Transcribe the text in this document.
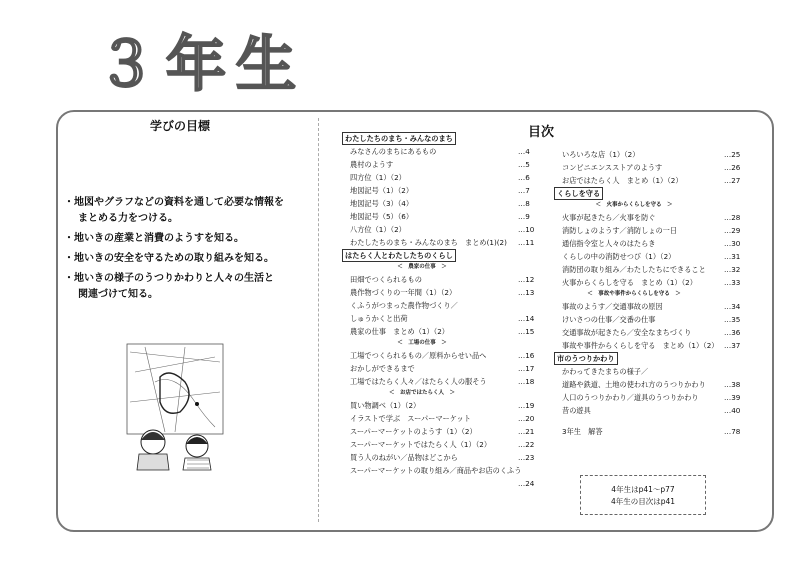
３年生
学びの目標
・地図やグラフなどの資料を通して必要な情報を
まとめる力をつける。
・地いきの産業と消費のようすを知る。
・地いきの安全を守るための取り組みを知る。
・地いきの様子のうつりかわりと人々の生活と
関連づけて知る。
目次
わたしたちのまち・みんなのまち
みなさんのまちにあるもの	…4
農村のようす	…5
四方位（1）（2）	…6
地図記号（1）（2）	…7
地図記号（3）（4）	…8
地図記号（5）（6）	…9
八方位（1）（2）	…10
わたしたちのまち・みんなのまち　まとめ(1)(2) …11
はたらく人とわたしたちのくらし
＜　農家の仕事　＞
田畑でつくられるもの	…12
農作物づくりの一年間（1）（2）	…13
くふうがつまった農作物づくり／
しゅうかくと出荷	…14
農家の仕事　まとめ（1）（2）	…15
＜　工場の仕事　＞
工場でつくられるもの／原料からせい品へ	…16
おかしができるまで	…17
工場ではたらく人々／はたらく人の服そう	…18
＜　お店ではたらく人　＞
買い物調べ（1）（2）	…19
イラストで学ぶ　スーパーマーケット	…20
スーパーマーケットのようす（1）（2）	…21
スーパーマーケットではたらく人（1）（2）	…22
買う人のねがい／品物はどこから	…23
スーパーマーケットの取り組み／商品やお店のくふう
…24
いろいろな店（1）（2）	…25
コンビニエンスストアのようす	…26
お店ではたらく人　まとめ（1）（2）	…27
くらしを守る
＜　火事からくらしを守る　＞
火事が起きたら／火事を防ぐ	…28
消防しょのようす／消防しょの一日	…29
通信指令室と人々のはたらき	…30
くらしの中の消防せつび（1）（2）	…31
消防団の取り組み／わたしたちにできること	…32
火事からくらしを守る　まとめ（1）（2）	…33
＜　事故や事件からくらしを守る　＞
事故のようす／交通事故の原因	…34
けいさつの仕事／交番の仕事	…35
交通事故が起きたら／安全なまちづくり	…36
事故や事件からくらしを守る　まとめ（1）（2） …37
市のうつりかわり
かわってきたまちの様子／
道路や鉄道、土地の使われ方のうつりかわり	…38
人口のうつりかわり／道具のうつりかわり	…39
昔の遊具	…40
3年生　解答	…78
4年生はp41～p77
4年生の目次はp41
